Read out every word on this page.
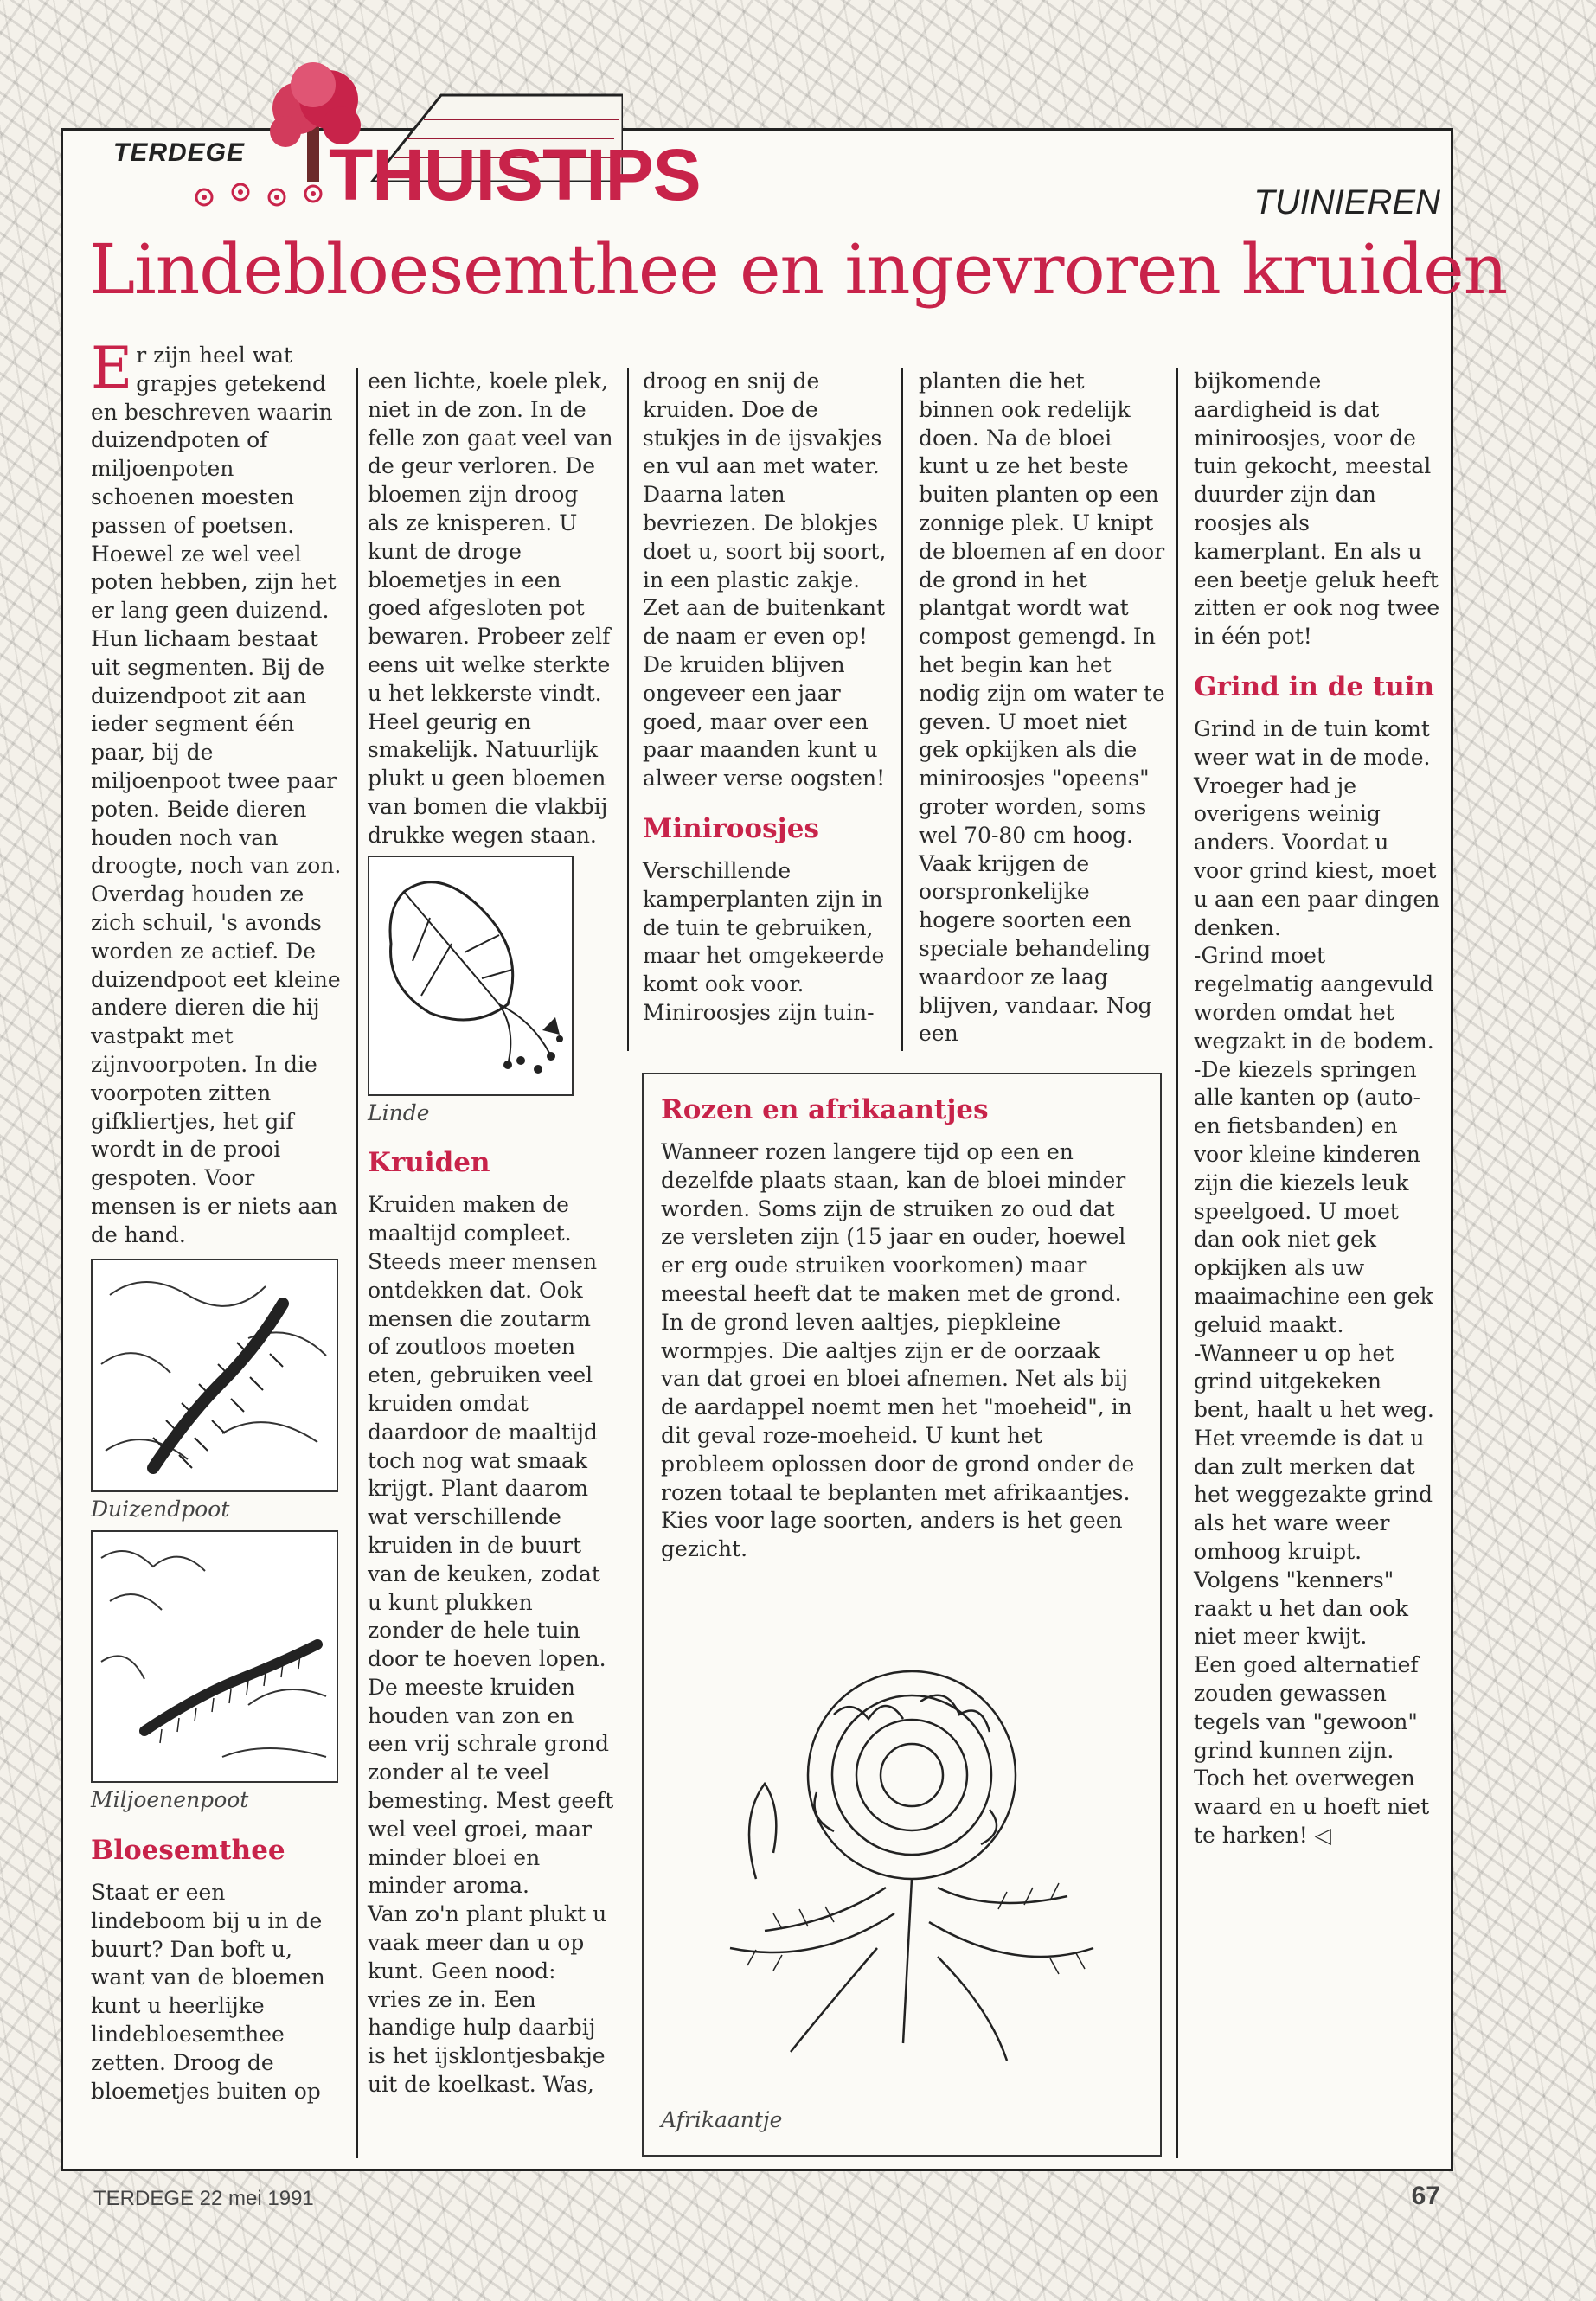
TERDEGE THUISTIPS	TUINIEREN
Lindebloesemthee en ingevroren kruiden

Er zijn heel wat grapjes getekend en beschreven waarin duizendpoten of miljoenpoten schoenen moesten passen of poetsen. Hoewel ze wel veel poten hebben, zijn het er lang geen duizend. Hun lichaam bestaat uit segmenten. Bij de duizendpoot zit aan ieder segment één paar, bij de miljoenpoot twee paar poten. Beide dieren houden noch van droogte, noch van zon. Overdag houden ze zich schuil, 's avonds worden ze actief. De duizendpoot eet kleine andere dieren die hij vastpakt met zijnvoorpoten. In die voorpoten zitten gifkliertjes, het gif wordt in de prooi gespoten. Voor mensen is er niets aan de hand.

Duizendpoot
Miljoenenpoot
Bloesemthee

Staat er een lindeboom bij u in de buurt? Dan boft u, want van de bloemen kunt u heerlijke lindebloesemthee zetten. Droog de bloemetjes buiten op

een lichte, koele plek, niet in de zon. In de felle zon gaat veel van de geur verloren. De bloemen zijn droog als ze knisperen. U kunt de droge bloemetjes in een goed afgesloten pot bewaren. Probeer zelf eens uit welke sterkte u het lekkerste vindt. Heel geurig en smakelijk. Natuurlijk plukt u geen bloemen van bomen die vlakbij drukke wegen staan.

Linde
Kruiden

Kruiden maken de maaltijd compleet. Steeds meer mensen ontdekken dat. Ook mensen die zoutarm of zoutloos moeten eten, gebruiken veel kruiden omdat daardoor de maaltijd toch nog wat smaak krijgt. Plant daarom wat verschillende kruiden in de buurt van de keuken, zodat u kunt plukken zonder de hele tuin door te hoeven lopen. De meeste kruiden houden van zon en een vrij schrale grond zonder al te veel bemesting. Mest geeft wel veel groei, maar minder bloei en minder aroma.

Van zo'n plant plukt u vaak meer dan u op kunt. Geen nood: vries ze in. Een handige hulp daarbij is het ijsklontjesbakje uit de koelkast. Was,

droog en snij de kruiden. Doe de stukjes in de ijsvakjes en vul aan met water. Daarna laten bevriezen. De blokjes doet u, soort bij soort, in een plastic zakje. Zet aan de buitenkant de naam er even op! De kruiden blijven ongeveer een jaar goed, maar over een paar maanden kunt u alweer verse oogsten!

Miniroosjes

Verschillende kamperplanten zijn in de tuin te gebruiken, maar het omgekeerde komt ook voor. Miniroosjes zijn tuin-

planten die het binnen ook redelijk doen. Na de bloei kunt u ze het beste buiten planten op een zonnige plek. U knipt de bloemen af en door de grond in het plantgat wordt wat compost gemengd. In het begin kan het nodig zijn om water te geven. U moet niet gek opkijken als die miniroosjes "opeens" groter worden, soms wel 70-80 cm hoog. Vaak krijgen de oorspronkelijke hogere soorten een speciale behandeling waardoor ze laag blijven, vandaar. Nog een

Rozen en afrikaantjes

Wanneer rozen langere tijd op een en dezelfde plaats staan, kan de bloei minder worden. Soms zijn de struiken zo oud dat ze versleten zijn (15 jaar en ouder, hoewel er erg oude struiken voorkomen) maar meestal heeft dat te maken met de grond. In de grond leven aaltjes, piepkleine wormpjes. Die aaltjes zijn er de oorzaak van dat groei en bloei afnemen. Net als bij de aardappel noemt men het "moeheid", in dit geval roze-moeheid. U kunt het probleem oplossen door de grond onder de rozen totaal te beplanten met afrikaantjes. Kies voor lage soorten, anders is het geen gezicht.

Afrikaantje

bijkomende aardigheid is dat miniroosjes, voor de tuin gekocht, meestal duurder zijn dan roosjes als kamerplant. En als u een beetje geluk heeft zitten er ook nog twee in één pot!

Grind in de tuin

Grind in de tuin komt weer wat in de mode. Vroeger had je overigens weinig anders. Voordat u voor grind kiest, moet u aan een paar dingen denken.

-Grind moet regelmatig aangevuld worden omdat het wegzakt in de bodem.

-De kiezels springen alle kanten op (auto- en fietsbanden) en voor kleine kinderen zijn die kiezels leuk speelgoed. U moet dan ook niet gek opkijken als uw maaimachine een gek geluid maakt.

-Wanneer u op het grind uitgekeken bent, haalt u het weg. Het vreemde is dat u dan zult merken dat het weggezakte grind als het ware weer omhoog kruipt. Volgens "kenners" raakt u het dan ook niet meer kwijt.

Een goed alternatief zouden gewassen tegels van "gewoon" grind kunnen zijn. Toch het overwegen waard en u hoeft niet te harken! ◁

TERDEGE 22 mei 1991	67
